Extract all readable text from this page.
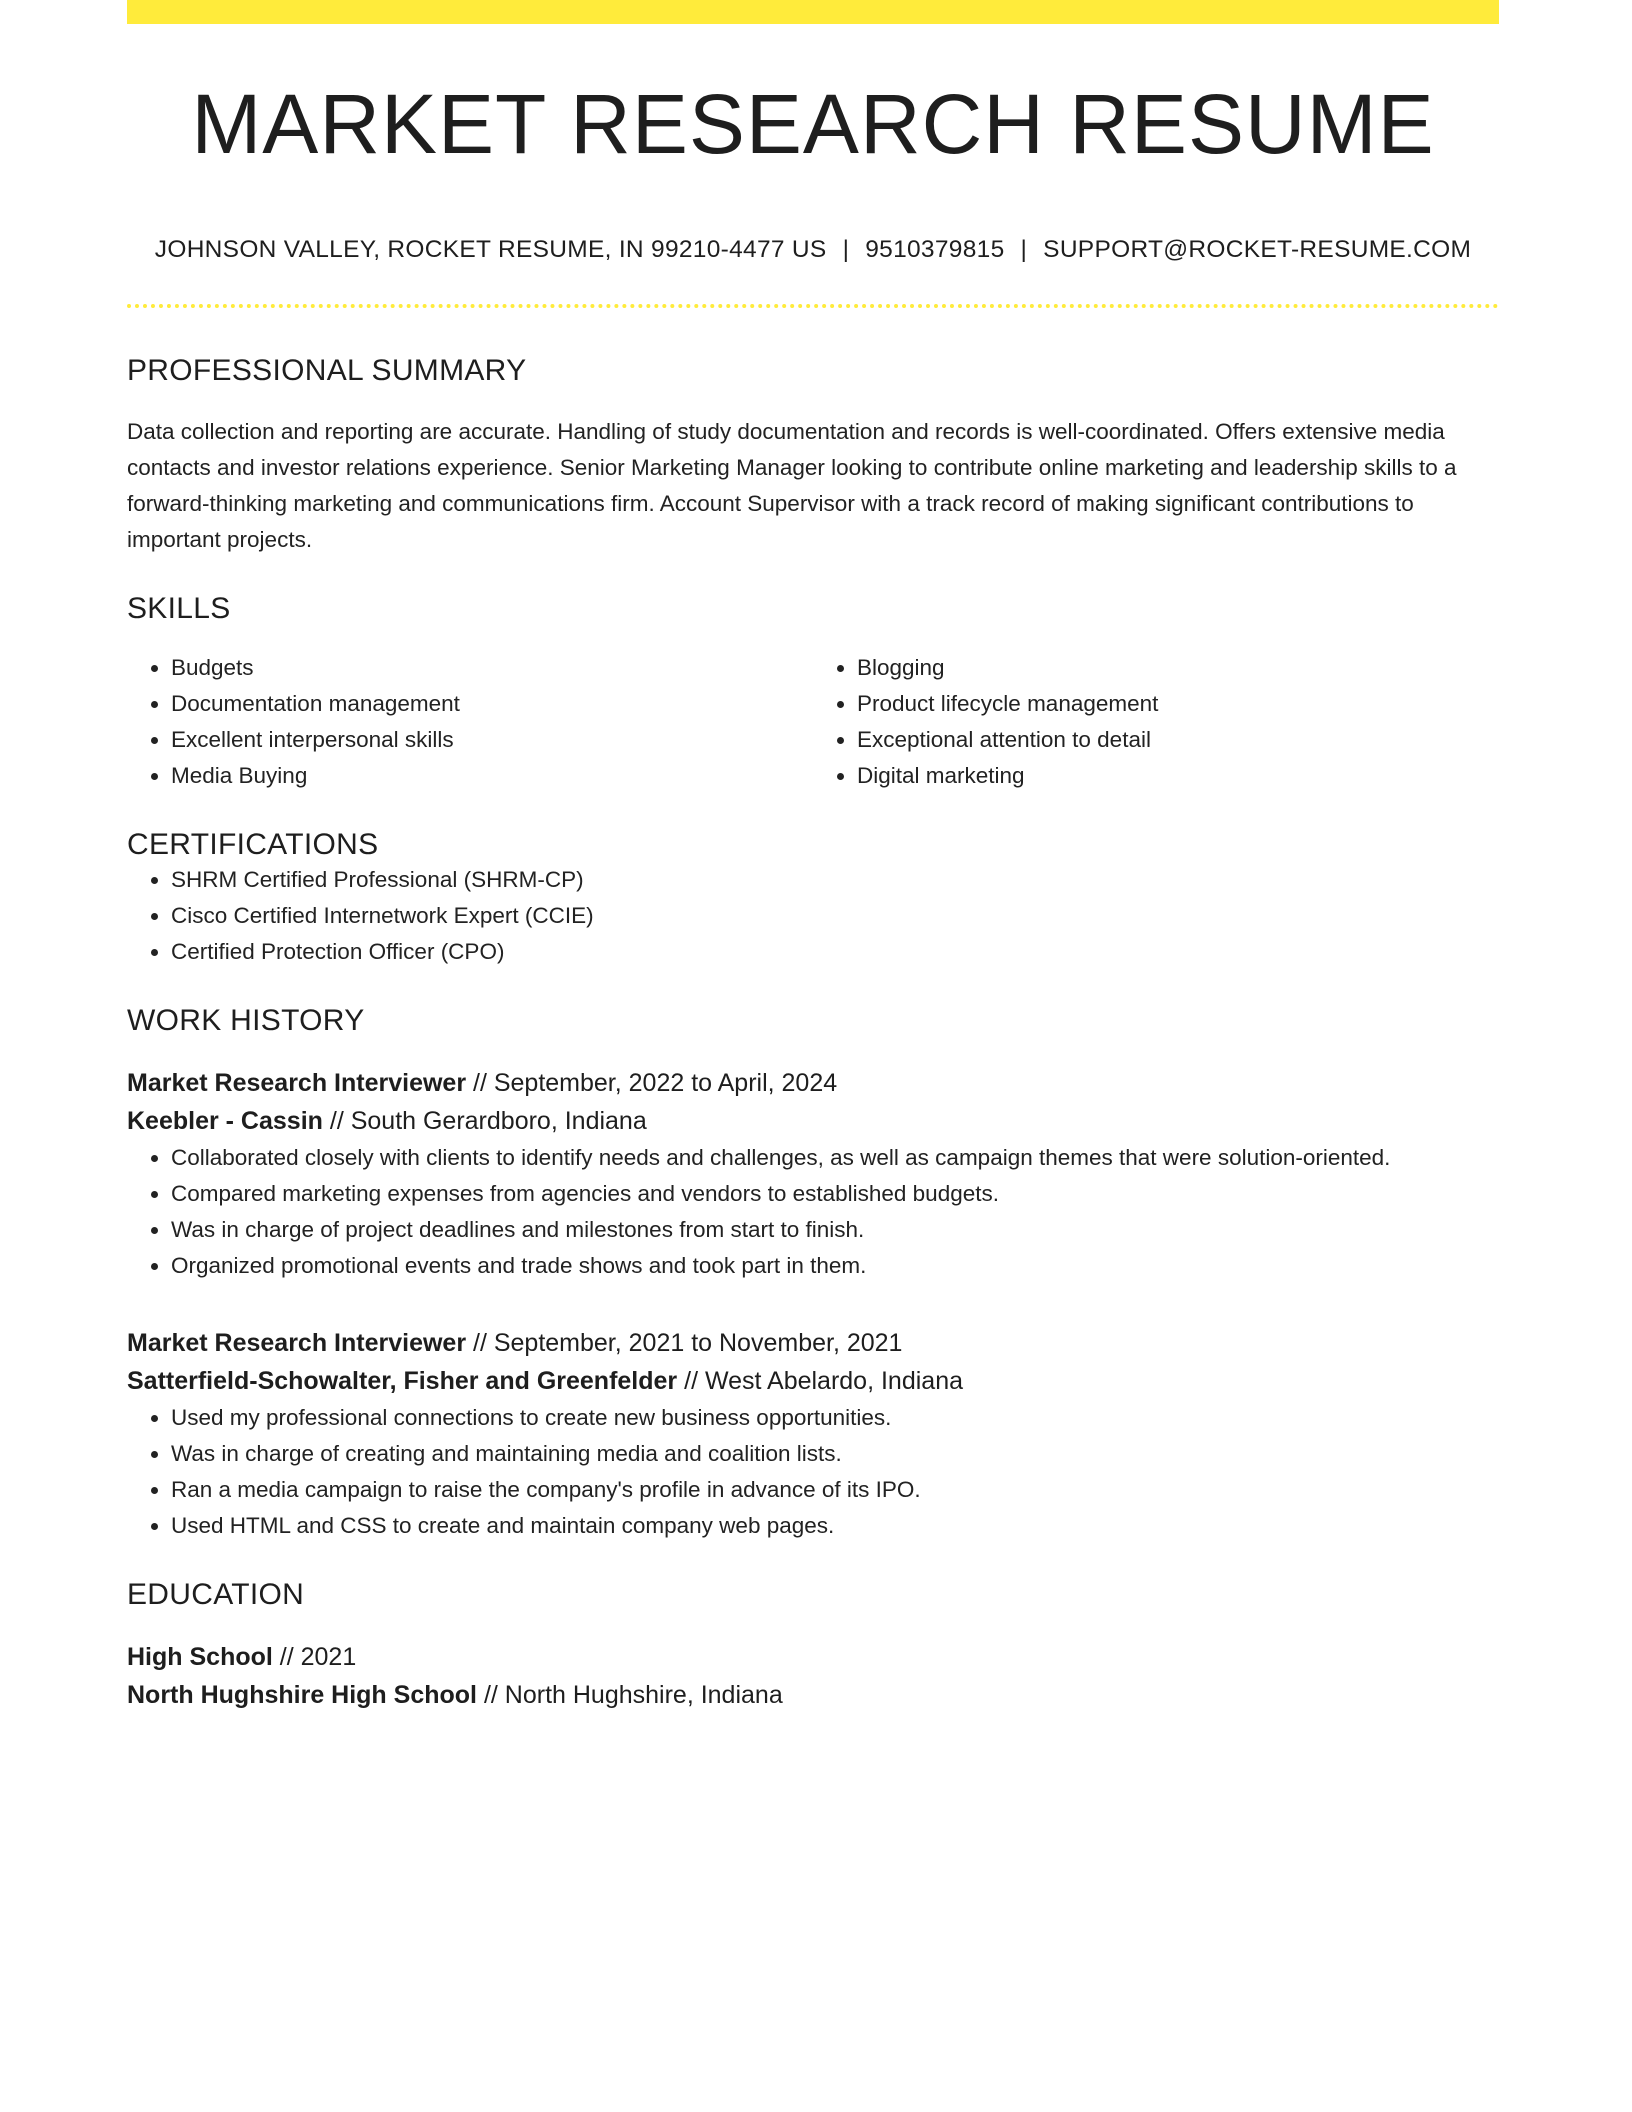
MARKET RESEARCH RESUME
JOHNSON VALLEY, ROCKET RESUME, IN 99210-4477 US | 9510379815 | SUPPORT@ROCKET-RESUME.COM
PROFESSIONAL SUMMARY

Data collection and reporting are accurate. Handling of study documentation and records is well-coordinated. Offers extensive media contacts and investor relations experience. Senior Marketing Manager looking to contribute online marketing and leadership skills to a forward-thinking marketing and communications firm. Account Supervisor with a track record of making significant contributions to important projects.

SKILLS
• Budgets
• Documentation management
• Excellent interpersonal skills
• Media Buying
• Blogging
• Product lifecycle management
• Exceptional attention to detail
• Digital marketing
CERTIFICATIONS
• SHRM Certified Professional (SHRM-CP)
• Cisco Certified Internetwork Expert (CCIE)
• Certified Protection Officer (CPO)
WORK HISTORY
Market Research Interviewer // September, 2022 to April, 2024
Keebler - Cassin // South Gerardboro, Indiana
• Collaborated closely with clients to identify needs and challenges, as well as campaign themes that were solution-oriented.
• Compared marketing expenses from agencies and vendors to established budgets.
• Was in charge of project deadlines and milestones from start to finish.
• Organized promotional events and trade shows and took part in them.
Market Research Interviewer // September, 2021 to November, 2021
Satterfield-Schowalter, Fisher and Greenfelder // West Abelardo, Indiana
• Used my professional connections to create new business opportunities.
• Was in charge of creating and maintaining media and coalition lists.
• Ran a media campaign to raise the company's profile in advance of its IPO.
• Used HTML and CSS to create and maintain company web pages.
EDUCATION
High School // 2021
North Hughshire High School // North Hughshire, Indiana
